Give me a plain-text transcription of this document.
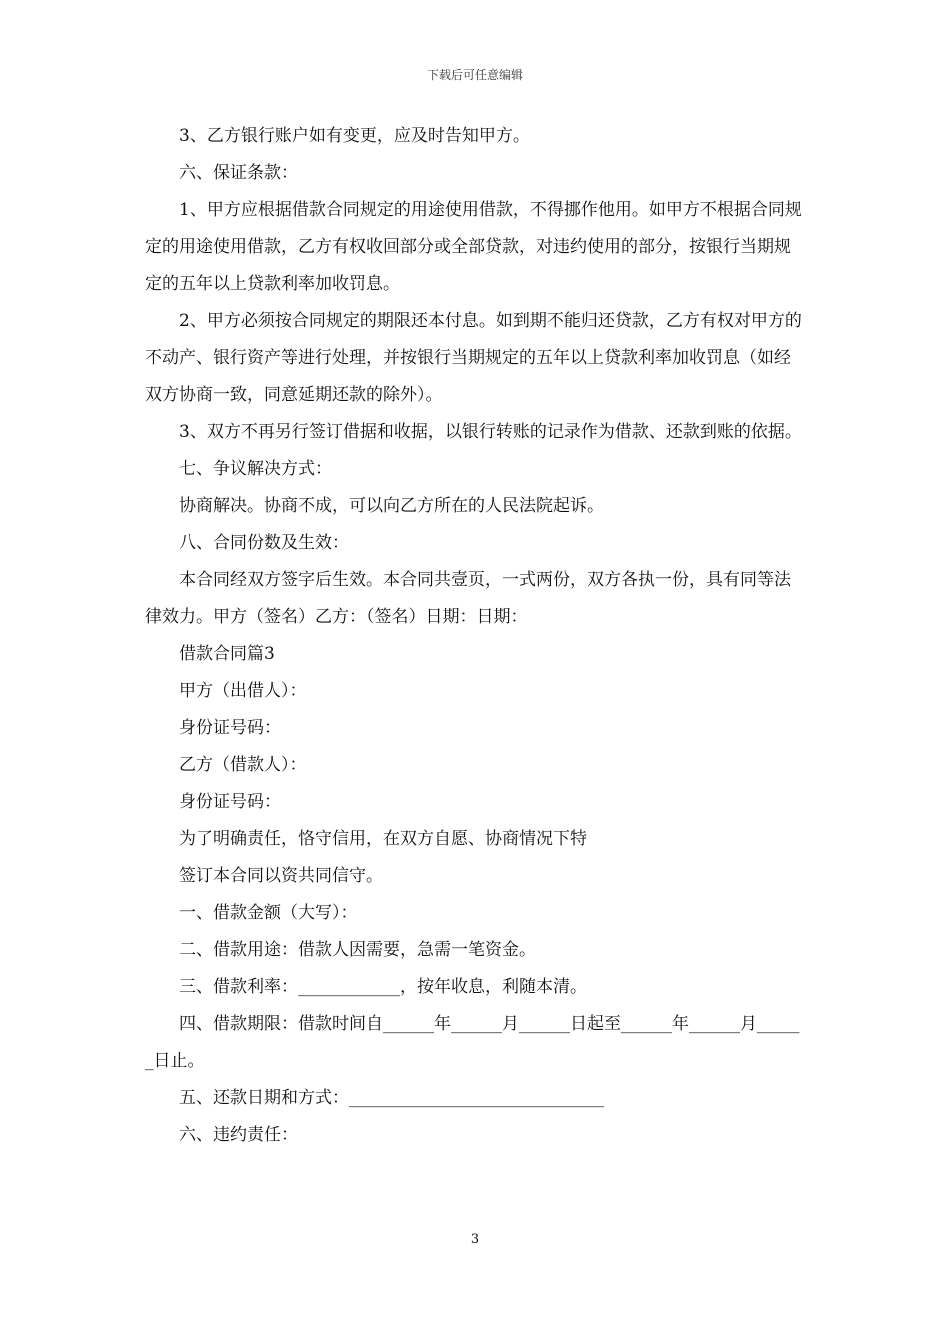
下载后可任意编辑

3、乙方银行账户如有变更，应及时告知甲方。

六、保证条款：

1、甲方应根据借款合同规定的用途使用借款，不得挪作他用。如甲方不根据合同规定的用途使用借款，乙方有权收回部分或全部贷款，对违约使用的部分，按银行当期规定的五年以上贷款利率加收罚息。

2、甲方必须按合同规定的期限还本付息。如到期不能归还贷款，乙方有权对甲方的不动产、银行资产等进行处理，并按银行当期规定的五年以上贷款利率加收罚息（如经双方协商一致，同意延期还款的除外）。

3、双方不再另行签订借据和收据，以银行转账的记录作为借款、还款到账的依据。

七、争议解决方式：

协商解决。协商不成，可以向乙方所在的人民法院起诉。

八、合同份数及生效：

本合同经双方签字后生效。本合同共壹页，一式两份，双方各执一份，具有同等法律效力。甲方（签名）乙方：（签名）日期：日期：

借款合同篇3

甲方（出借人）：

身份证号码：

乙方（借款人）：

身份证号码：

为了明确责任，恪守信用，在双方自愿、协商情况下特

签订本合同以资共同信守。

一、借款金额（大写）：

二、借款用途：借款人因需要，急需一笔资金。

三、借款利率：____________，按年收息，利随本清。

四、借款期限：借款时间自______年______月______日起至______年______月______日止。

五、还款日期和方式：______________________________

六、违约责任：

3
